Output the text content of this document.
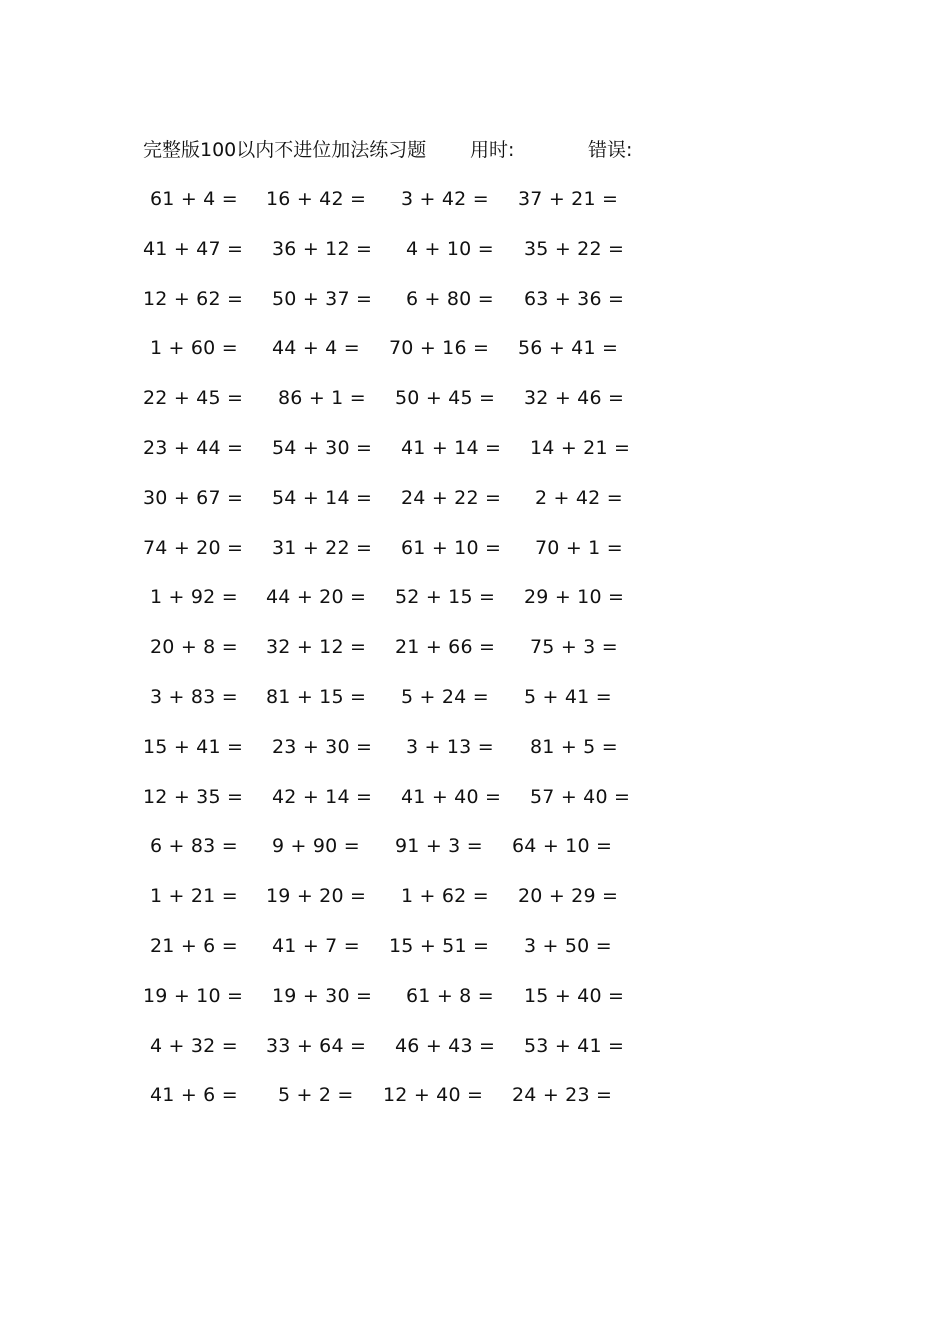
完整版100以内不进位加法练习题 用时:	错误:
61 + 4 = 16 + 42 = 3 + 42 = 37 + 21 =
41 + 47 = 36 + 12 = 4 + 10 = 35 + 22 =
12 + 62 = 50 + 37 = 6 + 80 = 63 + 36 =
1 + 60 = 44 + 4 = 70 + 16 = 56 + 41 =
22 + 45 = 86 + 1 = 50 + 45 = 32 + 46 =
23 + 44 = 54 + 30 = 41 + 14 = 14 + 21 =
30 + 67 = 54 + 14 = 24 + 22 = 2 + 42 =
74 + 20 = 31 + 22 = 61 + 10 = 70 + 1 =
1 + 92 = 44 + 20 = 52 + 15 = 29 + 10 =
20 + 8 = 32 + 12 = 21 + 66 = 75 + 3 =
3 + 83 = 81 + 15 = 5 + 24 = 5 + 41 =
15 + 41 = 23 + 30 = 3 + 13 = 81 + 5 =
12 + 35 = 42 + 14 = 41 + 40 = 57 + 40 =
6 + 83 = 9 + 90 = 91 + 3 = 64 + 10 =
1 + 21 = 19 + 20 = 1 + 62 = 20 + 29 =
21 + 6 = 41 + 7 = 15 + 51 = 3 + 50 =
19 + 10 = 19 + 30 = 61 + 8 = 15 + 40 =
4 + 32 = 33 + 64 = 46 + 43 = 53 + 41 =
41 + 6 = 5 + 2 = 12 + 40 = 24 + 23 =
